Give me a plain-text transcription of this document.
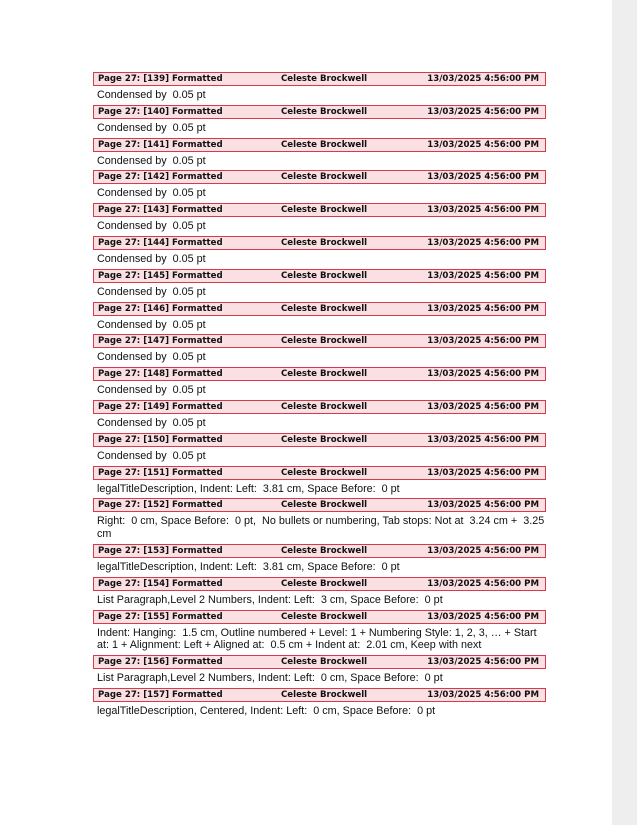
Page 27: [139] Formatted	Celeste Brockwell	13/03/2025 4:56:00 PM
Condensed by  0.05 pt
Page 27: [140] Formatted	Celeste Brockwell	13/03/2025 4:56:00 PM
Condensed by  0.05 pt
Page 27: [141] Formatted	Celeste Brockwell	13/03/2025 4:56:00 PM
Condensed by  0.05 pt
Page 27: [142] Formatted	Celeste Brockwell	13/03/2025 4:56:00 PM
Condensed by  0.05 pt
Page 27: [143] Formatted	Celeste Brockwell	13/03/2025 4:56:00 PM
Condensed by  0.05 pt
Page 27: [144] Formatted	Celeste Brockwell	13/03/2025 4:56:00 PM
Condensed by  0.05 pt
Page 27: [145] Formatted	Celeste Brockwell	13/03/2025 4:56:00 PM
Condensed by  0.05 pt
Page 27: [146] Formatted	Celeste Brockwell	13/03/2025 4:56:00 PM
Condensed by  0.05 pt
Page 27: [147] Formatted	Celeste Brockwell	13/03/2025 4:56:00 PM
Condensed by  0.05 pt
Page 27: [148] Formatted	Celeste Brockwell	13/03/2025 4:56:00 PM
Condensed by  0.05 pt
Page 27: [149] Formatted	Celeste Brockwell	13/03/2025 4:56:00 PM
Condensed by  0.05 pt
Page 27: [150] Formatted	Celeste Brockwell	13/03/2025 4:56:00 PM
Condensed by  0.05 pt
Page 27: [151] Formatted	Celeste Brockwell	13/03/2025 4:56:00 PM
legalTitleDescription, Indent: Left:  3.81 cm, Space Before:  0 pt
Page 27: [152] Formatted	Celeste Brockwell	13/03/2025 4:56:00 PM
Right:  0 cm, Space Before:  0 pt,  No bullets or numbering, Tab stops: Not at  3.24 cm +  3.25 cm
Page 27: [153] Formatted	Celeste Brockwell	13/03/2025 4:56:00 PM
legalTitleDescription, Indent: Left:  3.81 cm, Space Before:  0 pt
Page 27: [154] Formatted	Celeste Brockwell	13/03/2025 4:56:00 PM
List Paragraph,Level 2 Numbers, Indent: Left:  3 cm, Space Before:  0 pt
Page 27: [155] Formatted	Celeste Brockwell	13/03/2025 4:56:00 PM
Indent: Hanging:  1.5 cm, Outline numbered + Level: 1 + Numbering Style: 1, 2, 3, … + Start at: 1 + Alignment: Left + Aligned at:  0.5 cm + Indent at:  2.01 cm, Keep with next
Page 27: [156] Formatted	Celeste Brockwell	13/03/2025 4:56:00 PM
List Paragraph,Level 2 Numbers, Indent: Left:  0 cm, Space Before:  0 pt
Page 27: [157] Formatted	Celeste Brockwell	13/03/2025 4:56:00 PM
legalTitleDescription, Centered, Indent: Left:  0 cm, Space Before:  0 pt
